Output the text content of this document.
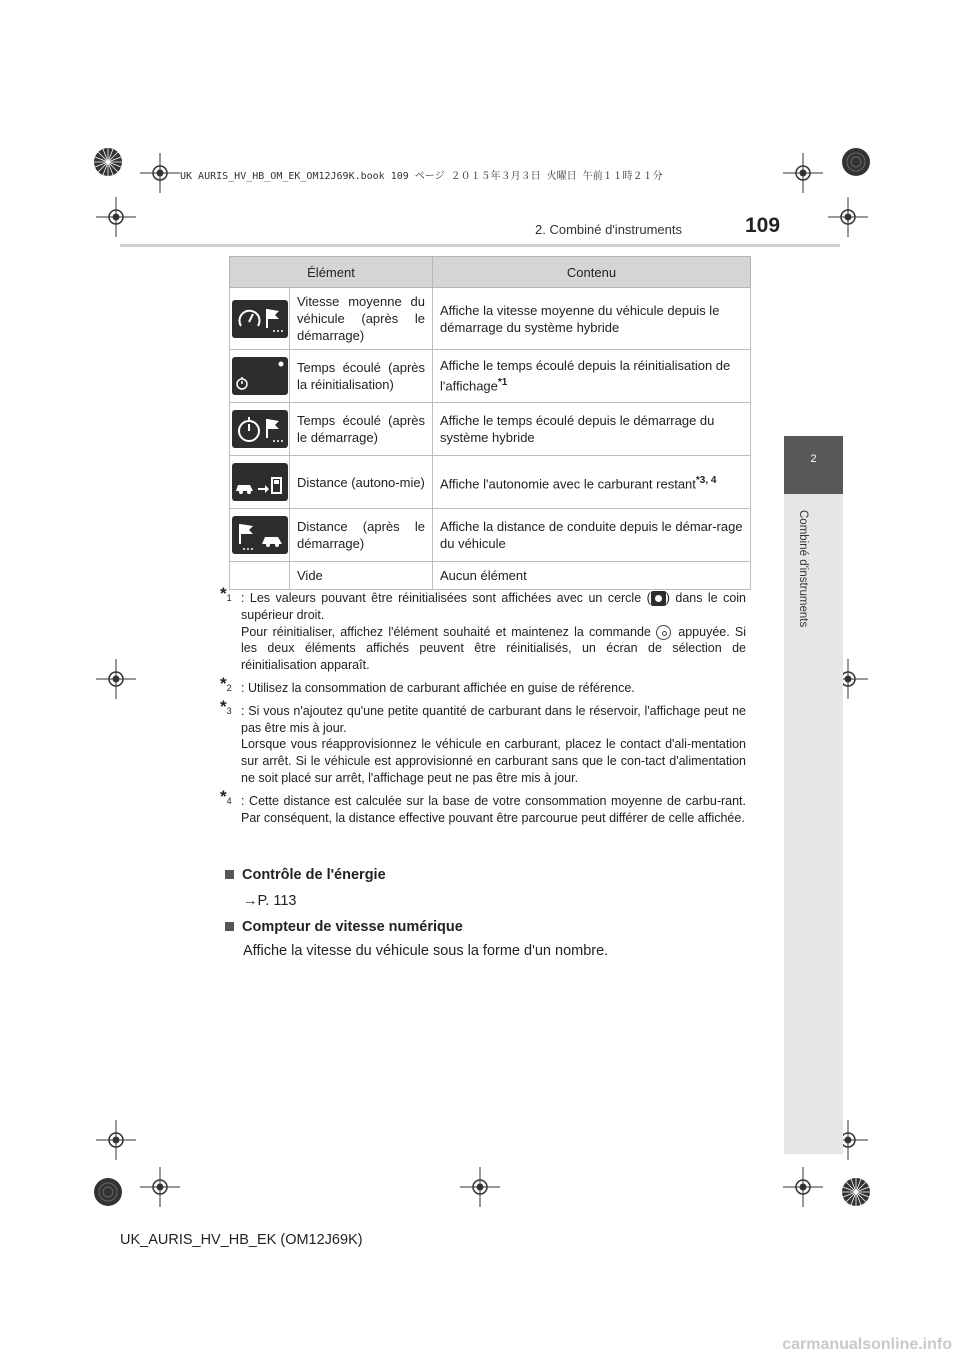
UK AURIS_HV_HB_OM_EK_OM12J69K.book 109 ページ ２０１５年３月３日 火曜日 午前１１時２１分
2. Combiné d'instruments	109
2
Combiné d'instruments
Élément		Contenu

	Vitesse moyenne du véhicule (après le démarrage)	Affiche la vitesse moyenne du véhicule depuis le démarrage du système hybride

	Temps écoulé (après la réinitialisation)	Affiche le temps écoulé depuis la réinitialisation de l'affichage$^{*1}$

	Temps écoulé (après le démarrage)	Affiche le temps écoulé depuis le démarrage du système hybride

	Distance (autono-mie)	Affiche l'autonomie avec le carburant restant$^{*3, 4}$

	Distance (après le démarrage)	Affiche la distance de conduite depuis le démar-rage du véhicule
	Vide	Aucun élément
*$^1$ : Les valeurs pouvant être réinitialisées sont affichées avec un cercle ( ) dans le coin supérieur droit.
Pour réinitialiser, affichez l'élément souhaité et maintenez la commande appuyée. Si les deux éléments affichés peuvent être réinitialisés, un écran de sélection de réinitialisation apparaît.
*$^2$ : Utilisez la consommation de carburant affichée en guise de référence.
*$^3$ : Si vous n'ajoutez qu'une petite quantité de carburant dans le réservoir, l'affichage peut ne pas être mis à jour.
Lorsque vous réapprovisionnez le véhicule en carburant, placez le contact d'ali-mentation sur arrêt. Si le véhicule est approvisionné en carburant sans que le con-tact d'alimentation ne soit placé sur arrêt, l'affichage peut ne pas être mis à jour.
*$^4$ : Cette distance est calculée sur la base de votre consommation moyenne de carbu-rant. Par conséquent, la distance effective pouvant être parcourue peut différer de celle affichée.
Contrôle de l'énergie
→P. 113
Compteur de vitesse numérique
Affiche la vitesse du véhicule sous la forme d'un nombre.
UK_AURIS_HV_HB_EK (OM12J69K)
carmanualsonline.info
